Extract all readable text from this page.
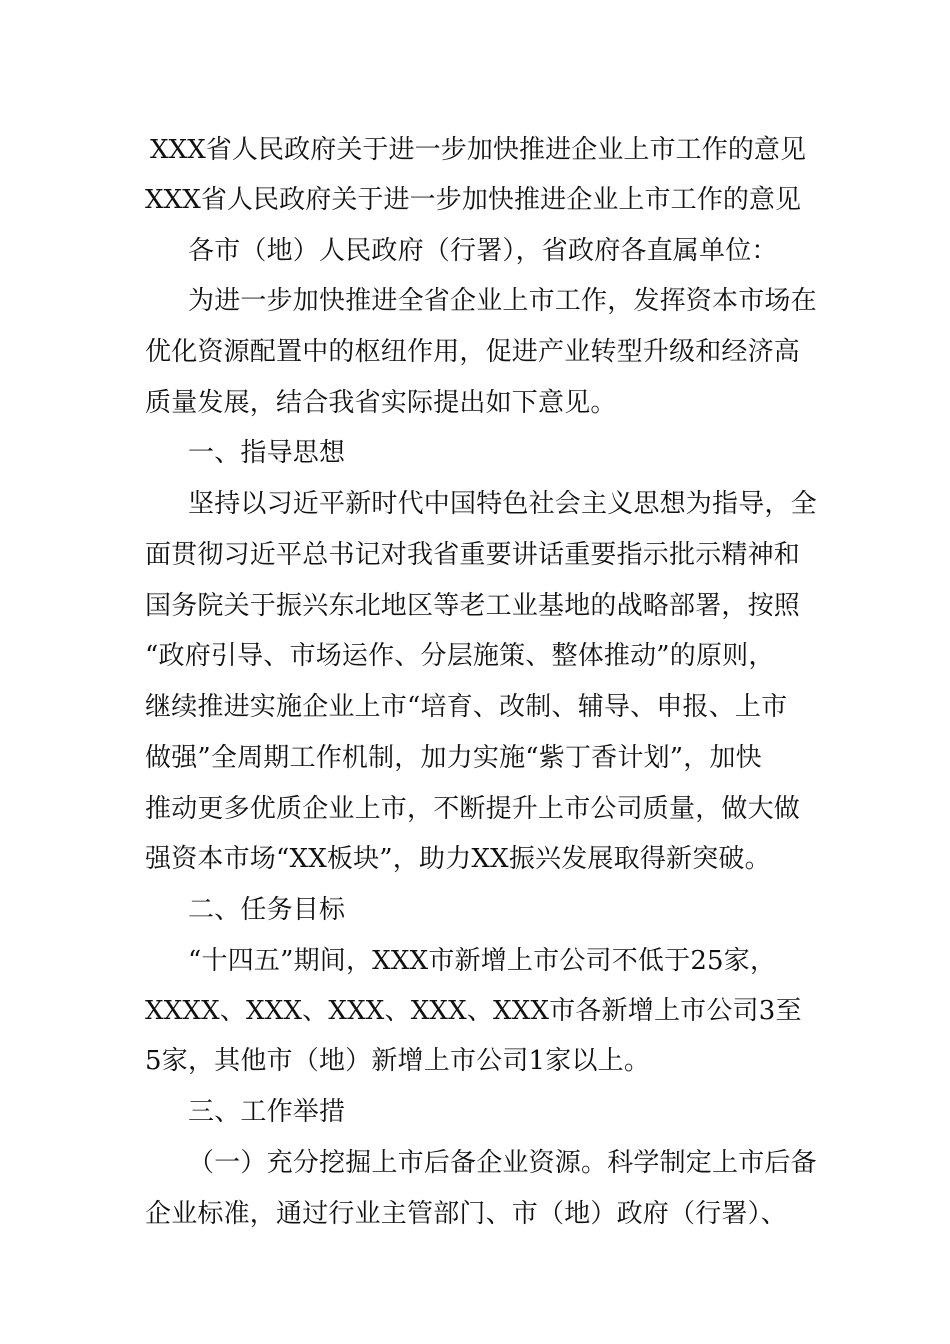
XXX省人民政府关于进一步加快推进企业上市工作的意见
XXX省人民政府关于进一步加快推进企业上市工作的意见
各市（地）人民政府（行署），省政府各直属单位：
为进一步加快推进全省企业上市工作，发挥资本市场在
优化资源配置中的枢纽作用，促进产业转型升级和经济高
质量发展，结合我省实际提出如下意见。
一、指导思想
坚持以习近平新时代中国特色社会主义思想为指导，全
面贯彻习近平总书记对我省重要讲话重要指示批示精神和
国务院关于振兴东北地区等老工业基地的战略部署，按照
“政府引导、市场运作、分层施策、整体推动”的原则，
继续推进实施企业上市“培育、改制、辅导、申报、上市
做强”全周期工作机制，加力实施“紫丁香计划”，加快
推动更多优质企业上市，不断提升上市公司质量，做大做
强资本市场“XX板块”，助力XX振兴发展取得新突破。
二、任务目标
“十四五”期间，XXX市新增上市公司不低于25家，
XXXX、XXX、XXX、XXX、XXX市各新增上市公司3至
5家，其他市（地）新增上市公司1家以上。
三、工作举措
（一）充分挖掘上市后备企业资源。科学制定上市后备
企业标准，通过行业主管部门、市（地）政府（行署）、
